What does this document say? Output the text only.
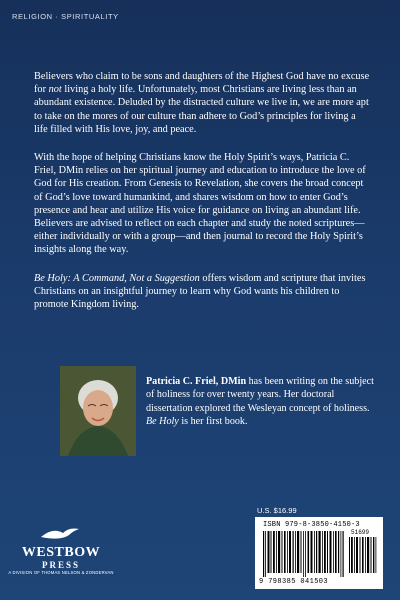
RELIGION · SPIRITUALITY

Believers who claim to be sons and daughters of the Highest God have no excuse for not living a holy life. Unfortunately, most Christians are living less than an abundant existence. Deluded by the distracted culture we live in, we are more apt to take on the mores of our culture than adhere to God’s principles for living a life filled with His love, joy, and peace.

With the hope of helping Christians know the Holy Spirit’s ways, Patricia C. Friel, DMin relies on her spiritual journey and education to introduce the love of God for His creation. From Genesis to Revelation, she covers the broad concept of God’s love toward humankind, and shares wisdom on how to enter God’s presence and hear and utilize His voice for guidance on living an abundant life. Believers are advised to reflect on each chapter and study the noted scriptures—either individually or with a group—and then journal to record the Holy Spirit’s insights along the way.

Be Holy: A Command, Not a Suggestion offers wisdom and scripture that invites Christians on an insightful journey to learn why God wants his children to promote Kingdom living.

Patricia C. Friel, DMin has been writing on the subject of holiness for over twenty years. Her doctoral dissertation explored the Wesleyan concept of holiness. Be Holy is her first book.
U.S. $16.99
ISBN 979-8-3850-4150-3
51699
9 798385 041503
WESTBOW
PRESS
A DIVISION OF THOMAS NELSON & ZONDERVAN
